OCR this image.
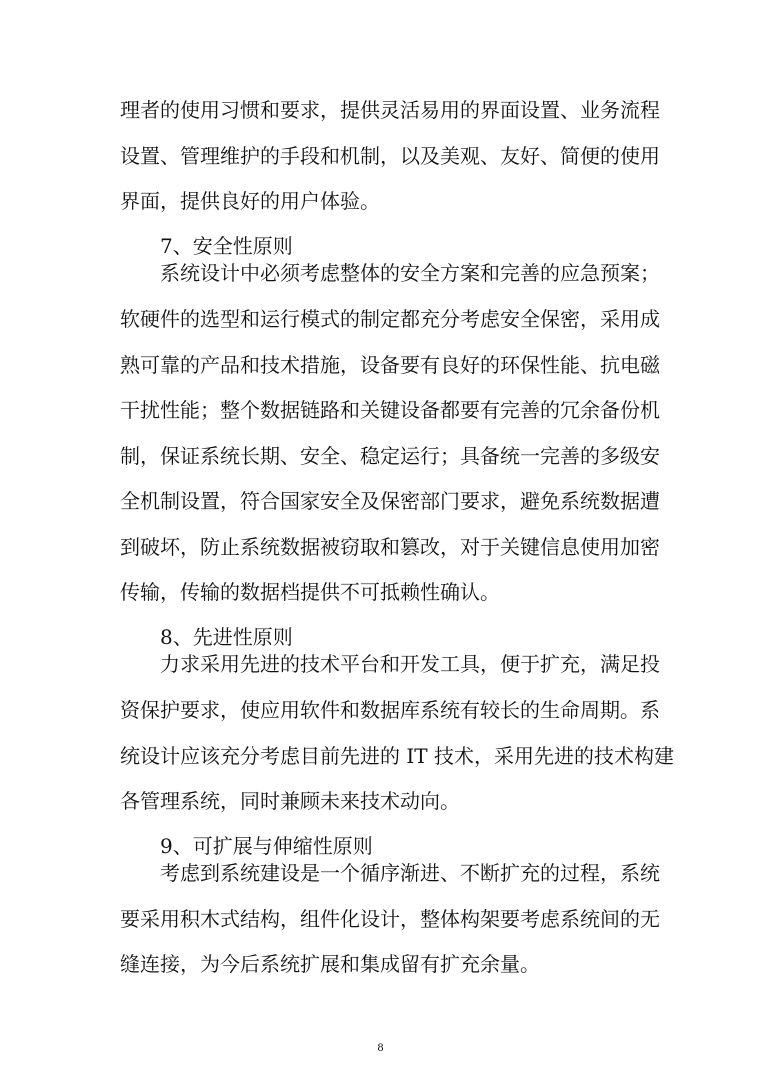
理者的使用习惯和要求，提供灵活易用的界面设置、业务流程
设置、管理维护的手段和机制，以及美观、友好、简便的使用
界面，提供良好的用户体验。
7、安全性原则
系统设计中必须考虑整体的安全方案和完善的应急预案；
软硬件的选型和运行模式的制定都充分考虑安全保密，采用成
熟可靠的产品和技术措施，设备要有良好的环保性能、抗电磁
干扰性能；整个数据链路和关键设备都要有完善的冗余备份机
制，保证系统长期、安全、稳定运行；具备统一完善的多级安
全机制设置，符合国家安全及保密部门要求，避免系统数据遭
到破坏，防止系统数据被窃取和篡改，对于关键信息使用加密
传输，传输的数据档提供不可抵赖性确认。
8、先进性原则
力求采用先进的技术平台和开发工具，便于扩充，满足投
资保护要求，使应用软件和数据库系统有较长的生命周期。系
统设计应该充分考虑目前先进的 IT 技术，采用先进的技术构建
各管理系统，同时兼顾未来技术动向。
9、可扩展与伸缩性原则
考虑到系统建设是一个循序渐进、不断扩充的过程，系统
要采用积木式结构，组件化设计，整体构架要考虑系统间的无
缝连接，为今后系统扩展和集成留有扩充余量。
8
